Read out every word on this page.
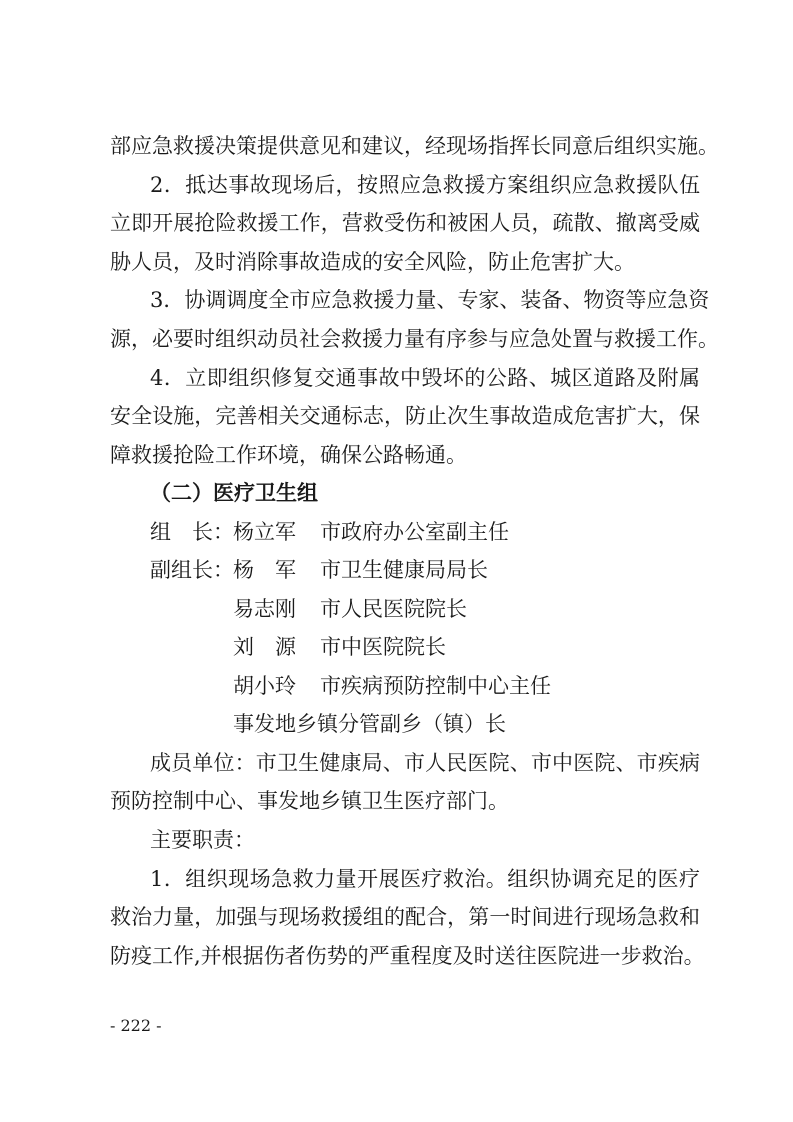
部应急救援决策提供意见和建议，经现场指挥长同意后组织实施。
2．抵达事故现场后，按照应急救援方案组织应急救援队伍
立即开展抢险救援工作，营救受伤和被困人员，疏散、撤离受威
胁人员，及时消除事故造成的安全风险，防止危害扩大。
3．协调调度全市应急救援力量、专家、装备、物资等应急资
源，必要时组织动员社会救援力量有序参与应急处置与救援工作。
4．立即组织修复交通事故中毁坏的公路、城区道路及附属
安全设施，完善相关交通标志，防止次生事故造成危害扩大，保
障救援抢险工作环境，确保公路畅通。
（二）医疗卫生组
组　长： 杨立军 市政府办公室副主任
副组长： 杨　军 市卫生健康局局长
易志刚 市人民医院院长
刘　源 市中医院院长
胡小玲 市疾病预防控制中心主任
事发地乡镇分管副乡（镇）长
成员单位：市卫生健康局、市人民医院、市中医院、市疾病
预防控制中心、事发地乡镇卫生医疗部门。
主要职责：
1．组织现场急救力量开展医疗救治。组织协调充足的医疗
救治力量，加强与现场救援组的配合，第一时间进行现场急救和
防疫工作,并根据伤者伤势的严重程度及时送往医院进一步救治。
- 222 -
